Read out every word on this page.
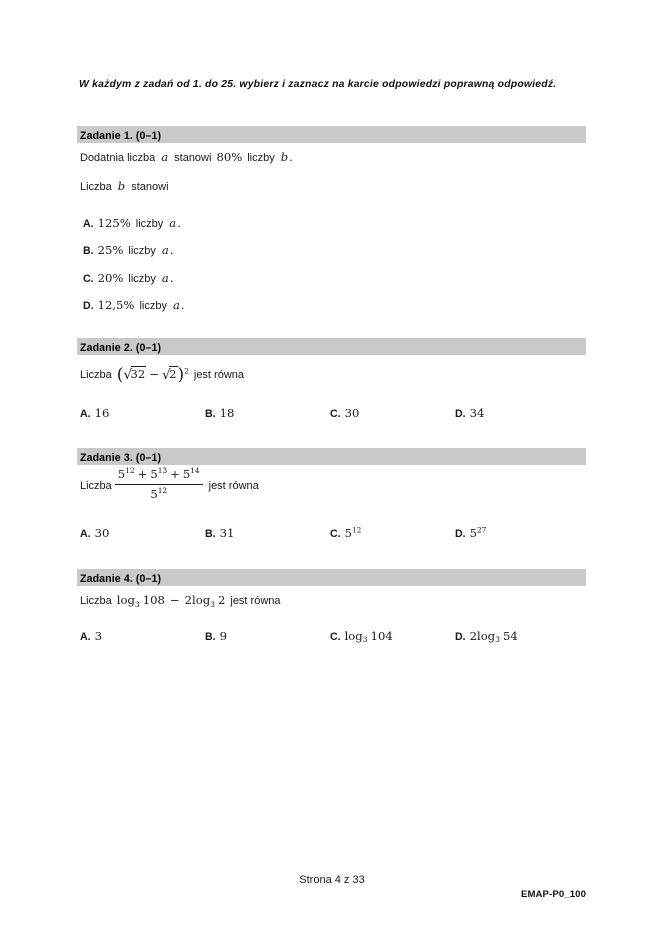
W każdym z zadań od 1. do 25. wybierz i zaznacz na karcie odpowiedzi poprawną odpowiedź.

Zadanie 1. (0–1)
Dodatnia liczba a stanowi 80% liczby b.
Liczba b stanowi
A. 125% liczby a.
B. 25% liczby a.
C. 20% liczby a.
D. 12,5% liczby a.
Zadanie 2. (0–1)
Liczba $(√32 - √2)^2$ jest równa
A. 16	B. 18	C. 30	D. 34
Zadanie 3. (0–1)
Liczba $\frac{5^{12} + 5^{13} + 5^{14}}{5^{12}}$ jest równa
A. 30	B. 31	C. $5^{12}$	D. $5^{27}$
Zadanie 4. (0–1)
Liczba $\log_3 108 - 2\log_3$ 2 jest równa
A. 3	B. 9	C. $\log_3 104$	D. $2\log_3$ 54
Strona 4 z 33
EMAP-P0_100
